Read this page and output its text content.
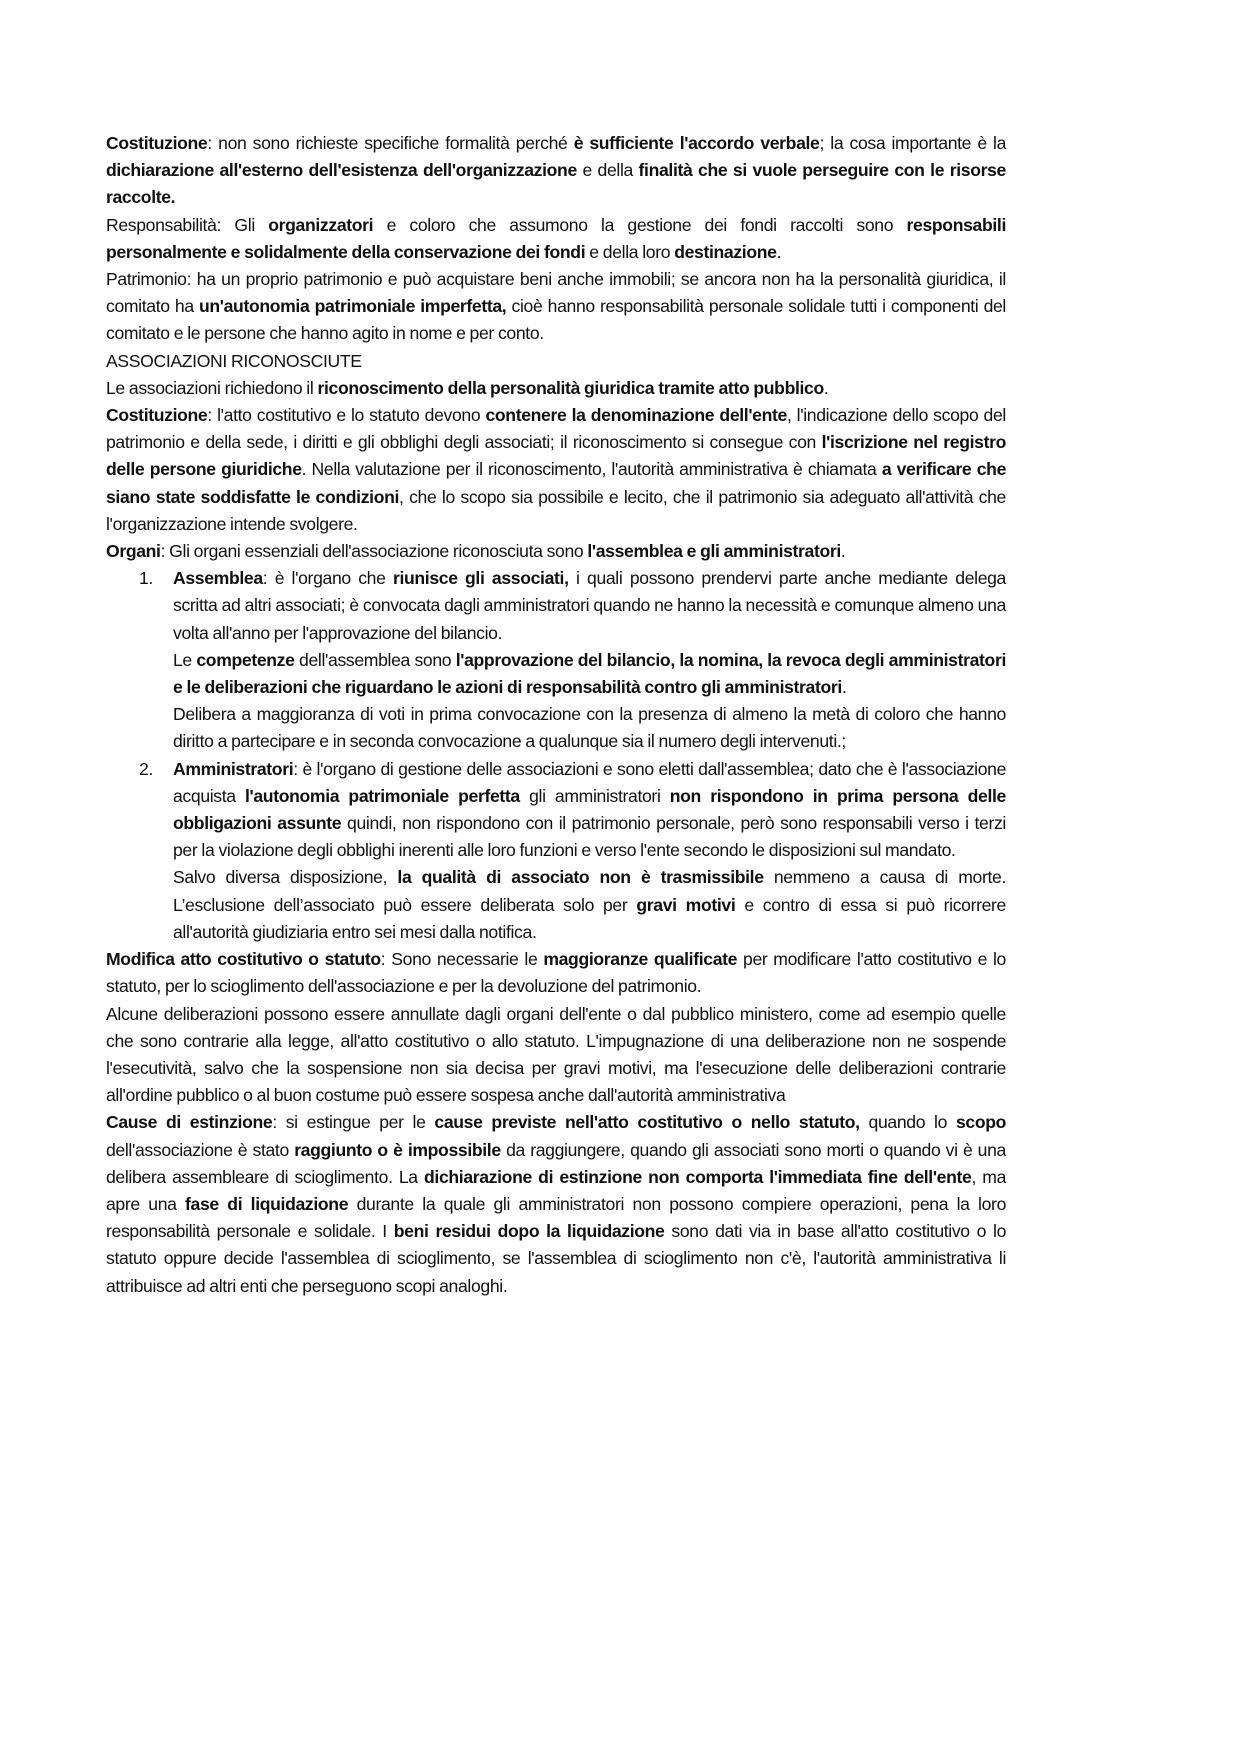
Costituzione: non sono richieste specifiche formalità perché è sufficiente l'accordo verbale; la cosa importante è la dichiarazione all'esterno dell'esistenza dell'organizzazione e della finalità che si vuole perseguire con le risorse raccolte.

Responsabilità: Gli organizzatori e coloro che assumono la gestione dei fondi raccolti sono responsabili personalmente e solidalmente della conservazione dei fondi e della loro destinazione.

Patrimonio: ha un proprio patrimonio e può acquistare beni anche immobili; se ancora non ha la personalità giuridica, il comitato ha un'autonomia patrimoniale imperfetta, cioè hanno responsabilità personale solidale tutti i componenti del comitato e le persone che hanno agito in nome e per conto.

ASSOCIAZIONI RICONOSCIUTE

Le associazioni richiedono il riconoscimento della personalità giuridica tramite atto pubblico.

Costituzione: l'atto costitutivo e lo statuto devono contenere la denominazione dell'ente, l'indicazione dello scopo del patrimonio e della sede, i diritti e gli obblighi degli associati; il riconoscimento si consegue con l'iscrizione nel registro delle persone giuridiche. Nella valutazione per il riconoscimento, l'autorità amministrativa è chiamata a verificare che siano state soddisfatte le condizioni, che lo scopo sia possibile e lecito, che il patrimonio sia adeguato all'attività che l'organizzazione intende svolgere.

Organi: Gli organi essenziali dell'associazione riconosciuta sono l'assemblea e gli amministratori.

1. Assemblea: è l'organo che riunisce gli associati, i quali possono prendervi parte anche mediante delega scritta ad altri associati; è convocata dagli amministratori quando ne hanno la necessità e comunque almeno una volta all'anno per l'approvazione del bilancio.

Le competenze dell'assemblea sono l'approvazione del bilancio, la nomina, la revoca degli amministratori e le deliberazioni che riguardano le azioni di responsabilità contro gli amministratori.

Delibera a maggioranza di voti in prima convocazione con la presenza di almeno la metà di coloro che hanno diritto a partecipare e in seconda convocazione a qualunque sia il numero degli intervenuti.;

2. Amministratori: è l'organo di gestione delle associazioni e sono eletti dall'assemblea; dato che è l'associazione acquista l'autonomia patrimoniale perfetta gli amministratori non rispondono in prima persona delle obbligazioni assunte quindi, non rispondono con il patrimonio personale, però sono responsabili verso i terzi per la violazione degli obblighi inerenti alle loro funzioni e verso l'ente secondo le disposizioni sul mandato.

Salvo diversa disposizione, la qualità di associato non è trasmissibile nemmeno a causa di morte. L’esclusione dell’associato può essere deliberata solo per gravi motivi e contro di essa si può ricorrere all'autorità giudiziaria entro sei mesi dalla notifica.

Modifica atto costitutivo o statuto: Sono necessarie le maggioranze qualificate per modificare l'atto costitutivo e lo statuto, per lo scioglimento dell'associazione e per la devoluzione del patrimonio.

Alcune deliberazioni possono essere annullate dagli organi dell'ente o dal pubblico ministero, come ad esempio quelle che sono contrarie alla legge, all'atto costitutivo o allo statuto. L'impugnazione di una deliberazione non ne sospende l'esecutività, salvo che la sospensione non sia decisa per gravi motivi, ma l'esecuzione delle deliberazioni contrarie all'ordine pubblico o al buon costume può essere sospesa anche dall'autorità amministrativa

Cause di estinzione: si estingue per le cause previste nell'atto costitutivo o nello statuto, quando lo scopo dell'associazione è stato raggiunto o è impossibile da raggiungere, quando gli associati sono morti o quando vi è una delibera assembleare di scioglimento. La dichiarazione di estinzione non comporta l'immediata fine dell'ente, ma apre una fase di liquidazione durante la quale gli amministratori non possono compiere operazioni, pena la loro responsabilità personale e solidale. I beni residui dopo la liquidazione sono dati via in base all'atto costitutivo o lo statuto oppure decide l'assemblea di scioglimento, se l'assemblea di scioglimento non c'è, l'autorità amministrativa li attribuisce ad altri enti che perseguono scopi analoghi.
